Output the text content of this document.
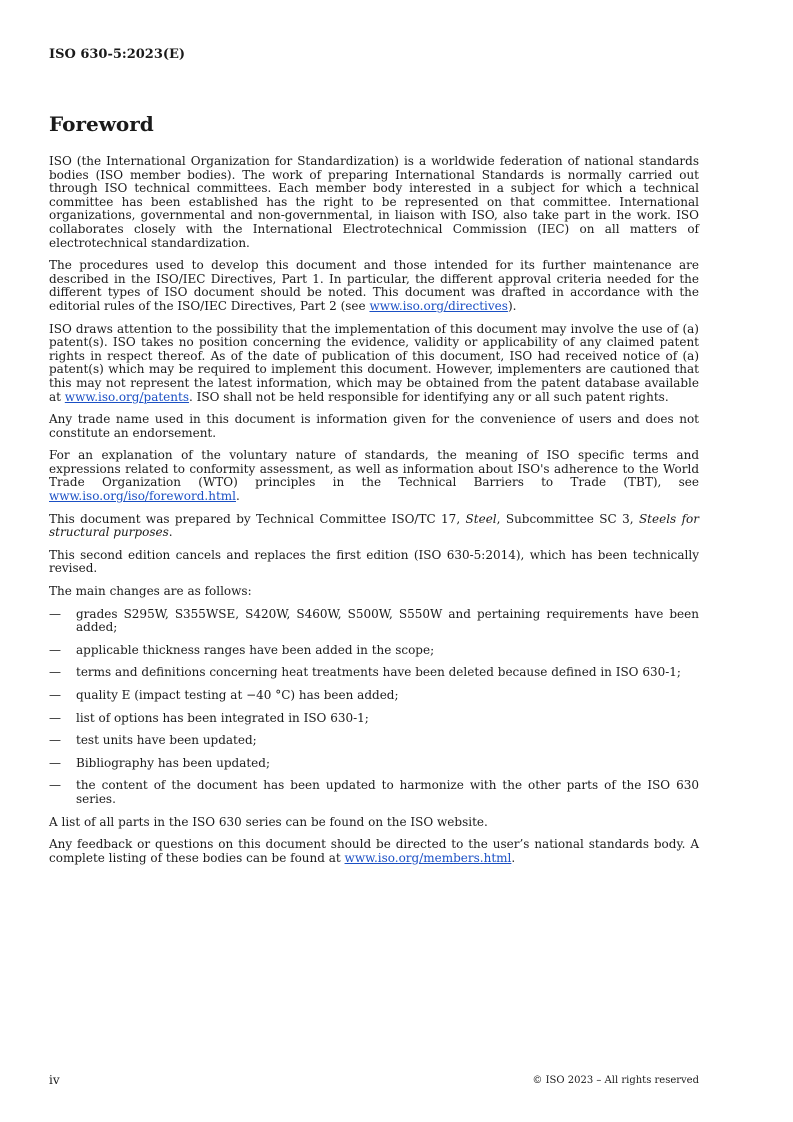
ISO 630-5:2023(E)
Foreword

ISO (the International Organization for Standardization) is a worldwide federation of national standards bodies (ISO member bodies). The work of preparing International Standards is normally carried out through ISO technical committees. Each member body interested in a subject for which a technical committee has been established has the right to be represented on that committee. International organizations, governmental and non-governmental, in liaison with ISO, also take part in the work. ISO collaborates closely with the International Electrotechnical Commission (IEC) on all matters of electrotechnical standardization.

The procedures used to develop this document and those intended for its further maintenance are described in the ISO/IEC Directives, Part 1. In particular, the different approval criteria needed for the different types of ISO document should be noted. This document was drafted in accordance with the editorial rules of the ISO/IEC Directives, Part 2 (see www.iso.org/directives).

ISO draws attention to the possibility that the implementation of this document may involve the use of (a) patent(s). ISO takes no position concerning the evidence, validity or applicability of any claimed patent rights in respect thereof. As of the date of publication of this document, ISO had received notice of (a) patent(s) which may be required to implement this document. However, implementers are cautioned that this may not represent the latest information, which may be obtained from the patent database available at www.iso.org/patents. ISO shall not be held responsible for identifying any or all such patent rights.

Any trade name used in this document is information given for the convenience of users and does not constitute an endorsement.

For an explanation of the voluntary nature of standards, the meaning of ISO specific terms and expressions related to conformity assessment, as well as information about ISO's adherence to the World Trade Organization (WTO) principles in the Technical Barriers to Trade (TBT), see www.iso.org/iso/foreword.html.

This document was prepared by Technical Committee ISO/TC 17, Steel, Subcommittee SC 3, Steels for structural purposes.

This second edition cancels and replaces the first edition (ISO 630-5:2014), which has been technically revised.

The main changes are as follows:

— grades S295W, S355WSE, S420W, S460W, S500W, S550W and pertaining requirements have been added;
— applicable thickness ranges have been added in the scope;
— terms and definitions concerning heat treatments have been deleted because defined in ISO 630-1;
— quality E (impact testing at −40 °C) has been added;
— list of options has been integrated in ISO 630-1;
— test units have been updated;
— Bibliography has been updated;
— the content of the document has been updated to harmonize with the other parts of the ISO 630 series.

A list of all parts in the ISO 630 series can be found on the ISO website.

Any feedback or questions on this document should be directed to the user’s national standards body. A complete listing of these bodies can be found at www.iso.org/members.html.

iv	© ISO 2023 – All rights reserved
